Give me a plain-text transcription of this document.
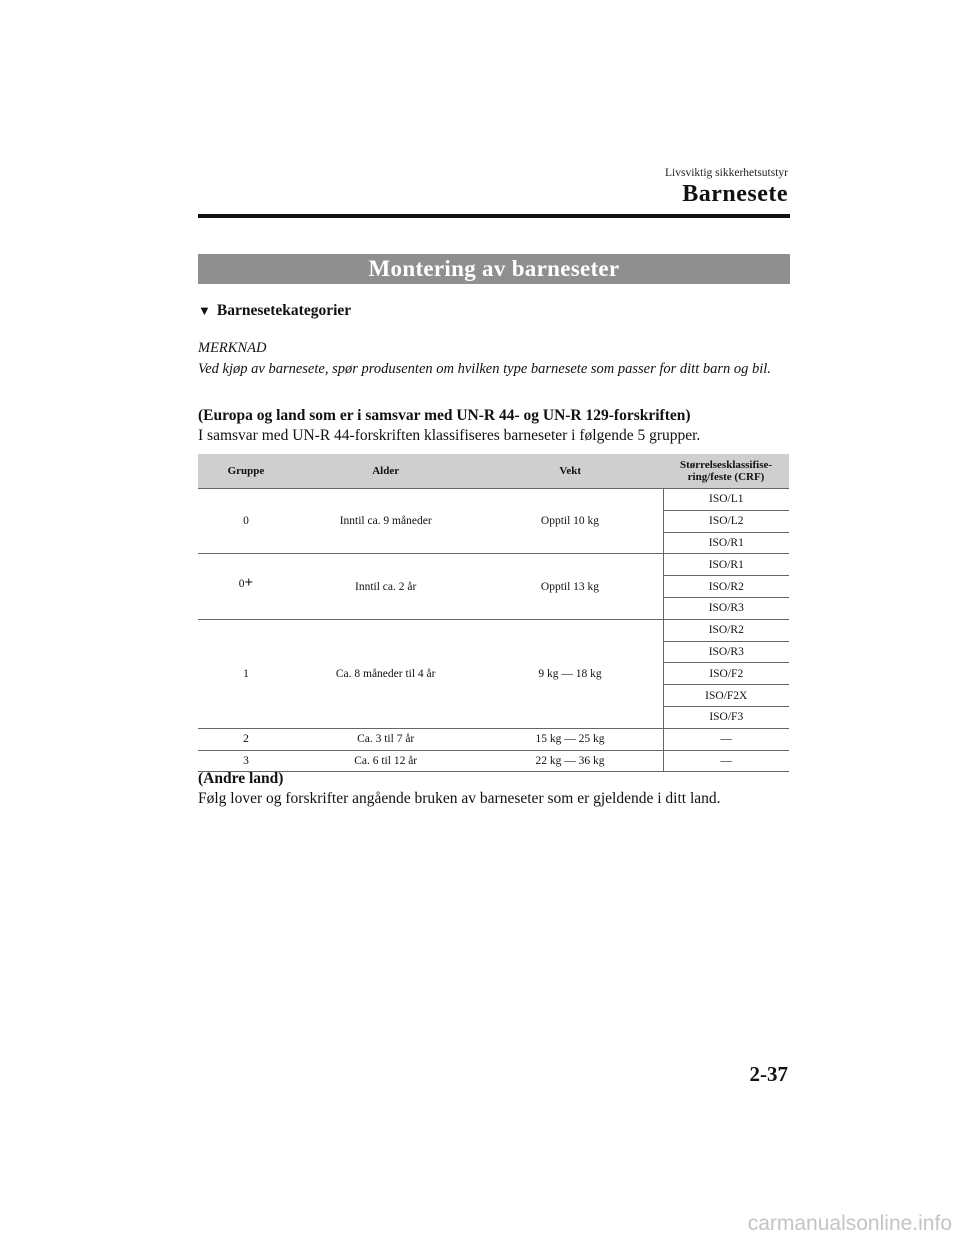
Livsviktig sikkerhetsutstyr
Barnesete
Montering av barneseter
▼ Barnesetekategorier
MERKNAD
Ved kjøp av barnesete, spør produsenten om hvilken type barnesete som passer for ditt barn og bil.
(Europa og land som er i samsvar med UN-R 44- og UN-R 129-forskriften)
I samsvar med UN-R 44-forskriften klassifiseres barneseter i følgende 5 grupper.
Gruppe	Alder	Vekt	Størrelsesklassifise-
ring/feste (CRF)
0	Inntil ca. 9 måneder	Opptil 10 kg	ISO/L1
			ISO/L2
			ISO/R1
0+	Inntil ca. 2 år	Opptil 13 kg	ISO/R1
			ISO/R2
			ISO/R3
1	Ca. 8 måneder til 4 år	9 kg ― 18 kg	ISO/R2
			ISO/R3
			ISO/F2
			ISO/F2X
			ISO/F3
2	Ca. 3 til 7 år	15 kg ― 25 kg	―
3	Ca. 6 til 12 år	22 kg ― 36 kg	―
(Andre land)
Følg lover og forskrifter angående bruken av barneseter som er gjeldende i ditt land.
2-37
carmanualsonline.info
